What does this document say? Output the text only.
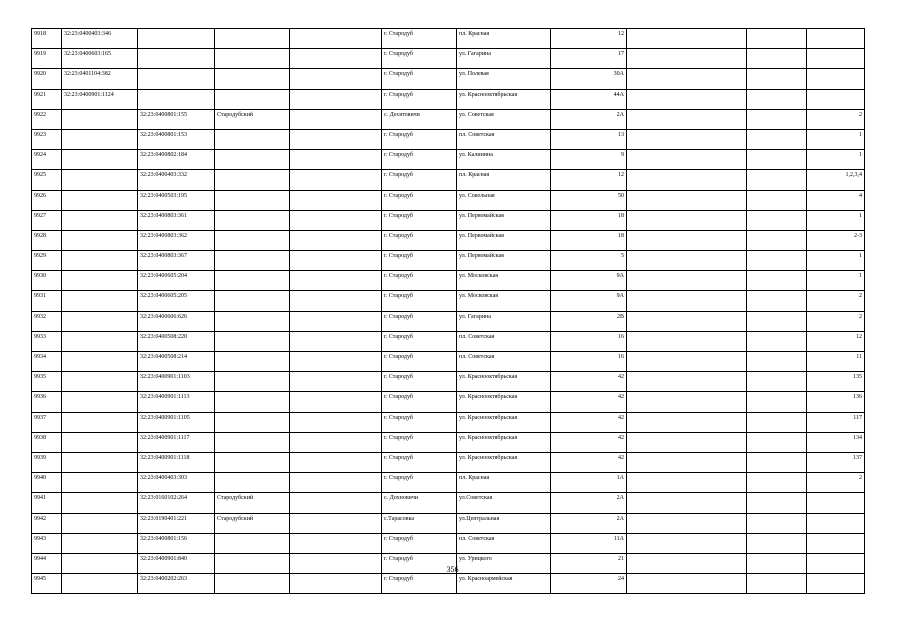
9918	32:23:0400403:346				г. Стародуб	пл. Красная	12			
9919	32:23:0400603:165				г. Стародуб	ул. Гагарина	17			
9920	32:23:0401104:382				г. Стародуб	ул. Полевая	30А			
9921	32:23:0400901:1124				г. Стародуб	ул. Краснооктябрьская	44А			
9922		32:23:0400801:155	Стародубский		с. Десятовичи	ул. Советская	2А			2
9923		32:23:0400801:153			г. Стародуб	пл. Советская	13			1
9924		32:23:0400802:184			г. Стародуб	ул. Калинина	9			1
9925		32:23:0400403:332			г. Стародуб	пл. Красная	12			1,2,3,4
9926		32:23:0400503:195			г. Стародуб	ул. Сокольная	50			4
9927		32:23:0400803:361			г. Стародуб	ул. Первомайская	18			1
9928		32:23:0400803:362			г. Стародуб	ул. Первомайская	18			2-3
9929		32:23:0400803:367			г. Стародуб	ул. Первомайская	5			1
9930		32:23:0400605:204			г. Стародуб	ул. Московская	9А			1
9931		32:23:0400605:205			г. Стародуб	ул. Московская	9А			2
9932		32:23:0400606:626			г. Стародуб	ул. Гагарина	2В			2
9933		32:23:0400508:220			г. Стародуб	пл. Советская	16			12
9934		32:23:0400508:214			г. Стародуб	пл. Советская	16			11
9935		32:23:0400901:1103			г. Стародуб	ул. Краснооктябрьская	42			135
9936		32:23:0400901:1113			г. Стародуб	ул. Краснооктябрьская	42			136
9937		32:23:0400901:1105			г. Стародуб	ул. Краснооктябрьская	42			117
9938		32:23:0400901:1117			г. Стародуб	ул. Краснооктябрьская	42			134
9939		32:23:0400901:1118			г. Стародуб	ул. Краснооктябрьская	42			137
9940		32:23:0400403:303			г. Стародуб	пл. Красная	1А			2
9941		32:23:0160102:264	Стародубский		с. Дохновичи	ул.Советская	2А			
9942		32:23:0190401:221	Стародубский		с.Тарасовка	ул.Центральная	2А			
9943		32:23:0400801:156			г. Стародуб	пл. Советская	11А			
9944		32:23:0400901:840			г. Стародуб	ул. Урицкого	21			
9945		32:23:0400202:263			г. Стародуб	ул. Красноармейская	24			
356
